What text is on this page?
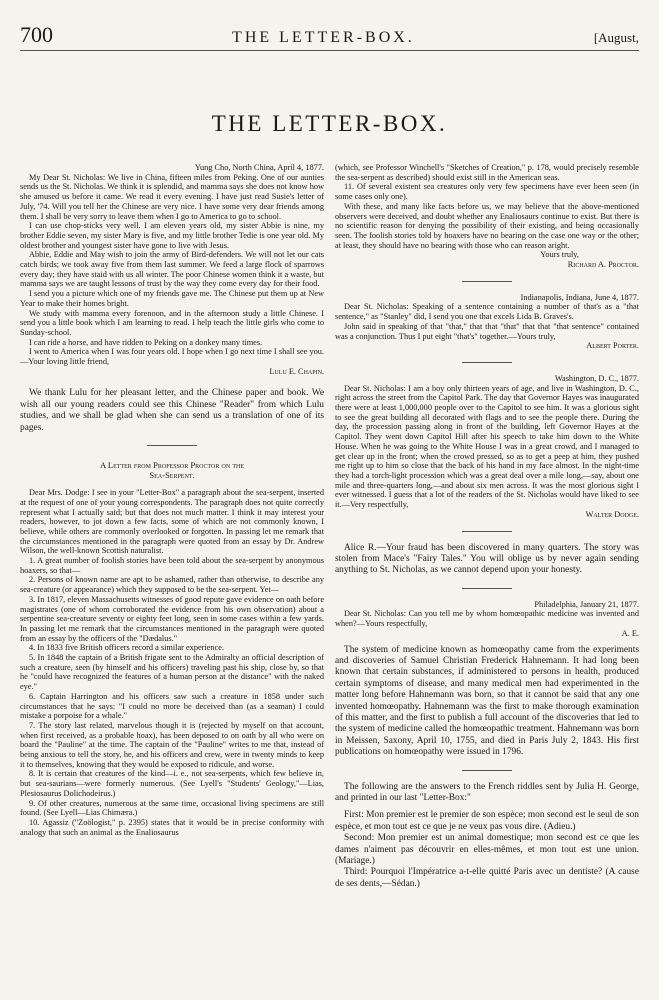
700	THE LETTER-BOX.	[August,
THE LETTER-BOX.

Yung Cho, North China, April 4, 1877.

My Dear St. Nicholas: We live in China, fifteen miles from Peking. One of our aunties sends us the St. Nicholas. We think it is splendid, and mamma says she does not know how she amused us before it came. We read it every evening. I have just read Susie's letter of July, '74. Will you tell her the Chinese are very nice. I have some very dear friends among them. I shall be very sorry to leave them when I go to America to go to school.

I can use chop-sticks very well. I am eleven years old, my sister Abbie is nine, my brother Eddie seven, my sister Mary is five, and my little brother Tedie is one year old. My oldest brother and youngest sister have gone to live with Jesus.

Abbie, Eddie and May wish to join the army of Bird-defenders. We will not let our cats catch birds; we took away five from them last summer. We feed a large flock of sparrows every day; they have staid with us all winter. The poor Chinese women think it a waste, but mamma says we are taught lessons of trust by the way they come every day for their food.

I send you a picture which one of my friends gave me. The Chinese put them up at New Year to make their homes bright.

We study with mamma every forenoon, and in the afternoon study a little Chinese. I send you a little book which I am learning to read. I help teach the little girls who come to Sunday-school.

I can ride a horse, and have ridden to Peking on a donkey many times.

I went to America when I was four years old. I hope when I go next time I shall see you.—Your loving little friend,

Lulu E. Chapin.

We thank Lulu for her pleasant letter, and the Chinese paper and book. We wish all our young readers could see this Chinese "Reader" from which Lulu studies, and we shall be glad when she can send us a translation of one of its pages.

A Letter from Professor Proctor on the
Sea-Serpent.

Dear Mrs. Dodge: I see in your "Letter-Box" a paragraph about the sea-serpent, inserted at the request of one of your young correspondents. The paragraph does not quite correctly represent what I actually said; but that does not much matter. I think it may interest your readers, however, to jot down a few facts, some of which are not commonly known, I believe, while others are commonly overlooked or forgotten. In passing let me remark that the circumstances mentioned in the paragraph were quoted from an essay by Dr. Andrew Wilson, the well-known Scottish naturalist.

1. A great number of foolish stories have been told about the sea-serpent by anonymous hoaxers, so that—

2. Persons of known name are apt to be ashamed, rather than otherwise, to describe any sea-creature (or appearance) which they supposed to be the sea-serpent. Yet—

3. In 1817, eleven Massachusetts witnesses of good repute gave evidence on oath before magistrates (one of whom corroborated the evidence from his own observation) about a serpentine sea-creature seventy or eighty feet long, seen in some cases within a few yards. In passing let me remark that the circumstances mentioned in the paragraph were quoted from an essay by the officers of the "Dædalus."

4. In 1833 five British officers record a similar experience.

5. In 1848 the captain of a British frigate sent to the Admiralty an official description of such a creature, seen (by himself and his officers) traveling past his ship, close by, so that he "could have recognized the features of a human person at the distance" with the naked eye."

6. Captain Harrington and his officers saw such a creature in 1858 under such circumstances that he says: "I could no more be deceived than (as a seaman) I could mistake a porpoise for a whale."

7. The story last related, marvelous though it is (rejected by myself on that account, when first received, as a probable hoax), has been deposed to on oath by all who were on board the "Pauline" at the time. The captain of the "Pauline" writes to me that, instead of being anxious to tell the story, he, and his officers and crew, were in twenty minds to keep it to themselves, knowing that they would be exposed to ridicule, and worse.

8. It is certain that creatures of the kind—i. e., not sea-serpents, which few believe in, but sea-saurians—were formerly numerous. (See Lyell's "Students' Geology,"—Lias, Plesiosaurus Dolichodeirus.)

9. Of other creatures, numerous at the same time, occasional living specimens are still found. (See Lyell—Lias Chimæra.)

10. Agassiz ("Zoölogist," p. 2395) states that it would be in precise conformity with analogy that such an animal as the Enaliosaurus

(which, see Professor Winchell's "Sketches of Creation," p. 178, would precisely resemble the sea-serpent as described) should exist still in the American seas.

11. Of several existent sea creatures only very few specimens have ever been seen (in some cases only one).

With these, and many like facts before us, we may believe that the above-mentioned observers were deceived, and doubt whether any Enaliosaurs continue to exist. But there is no scientific reason for denying the possibility of their existing, and being occasionally seen. The foolish stories told by hoaxers have no bearing on the case one way or the other; at least, they should have no bearing with those who can reason aright.

Yours truly,

Richard A. Proctor.

Indianapolis, Indiana, June 4, 1877.

Dear St. Nicholas: Speaking of a sentence containing a number of that's as a "that sentence," as "Stanley" did, I send you one that excels Lida B. Graves's.

John said in speaking of that "that," that that "that" that that "that sentence" contained was a conjunction. Thus I put eight "that's" together.—Yours truly,

Albert Porter.

Washington, D. C., 1877.

Dear St. Nicholas: I am a boy only thirteen years of age, and live in Washington, D. C., right across the street from the Capitol Park. The day that Governor Hayes was inaugurated there were at least 1,000,000 people over to the Capitol to see him. It was a glorious sight to see the great building all decorated with flags and to see the people there. During the day, the procession passing along in front of the building, left Governor Hayes at the Capitol. They went down Capitol Hill after his speech to take him down to the White House. When he was going to the White House I was in a great crowd, and I managed to get clear up in the front; when the crowd pressed, so as to get a peep at him, they pushed me right up to him so close that the back of his hand in my face almost. In the night-time they had a torch-light procession which was a great deal over a mile long,—say, about one mile and three-quarters long,—and about six men across. It was the most glorious sight I ever witnessed. I guess that a lot of the readers of the St. Nicholas would have liked to see it.—Very respectfully,

Walter Dodge.

Alice R.—Your fraud has been discovered in many quarters. The story was stolen from Mace's "Fairy Tales." You will oblige us by never again sending anything to St. Nicholas, as we cannot depend upon your honesty.

Philadelphia, January 21, 1877.

Dear St. Nicholas: Can you tell me by whom homœopathic medicine was invented and when?—Yours respectfully,

A. E.

The system of medicine known as homœopathy came from the experiments and discoveries of Samuel Christian Frederick Hahnemann. It had long been known that certain substances, if administered to persons in health, produced certain symptoms of disease, and many medical men had experimented in the matter long before Hahnemann was born, so that it cannot be said that any one invented homœopathy. Hahnemann was the first to make thorough examination of this matter, and the first to publish a full account of the discoveries that led to the system of medicine called the homœopathic treatment. Hahnemann was born in Meissen, Saxony, April 10, 1755, and died in Paris July 2, 1843. His first publications on homœopathy were issued in 1796.

The following are the answers to the French riddles sent by Julia H. George, and printed in our last "Letter-Box:"

First: Mon premier est le premier de son espèce; mon second est le seul de son espèce, et mon tout est ce que je ne veux pas vous dire. (Adieu.)

Second: Mon premier est un animal domestique; mon second est ce que les dames n'aiment pas découvrir en elles-mêmes, et mon tout est une union. (Mariage.)

Third: Pourquoi l'Impératrice a-t-elle quitté Paris avec un dentiste? (A cause de ses dents,—Sédan.)
